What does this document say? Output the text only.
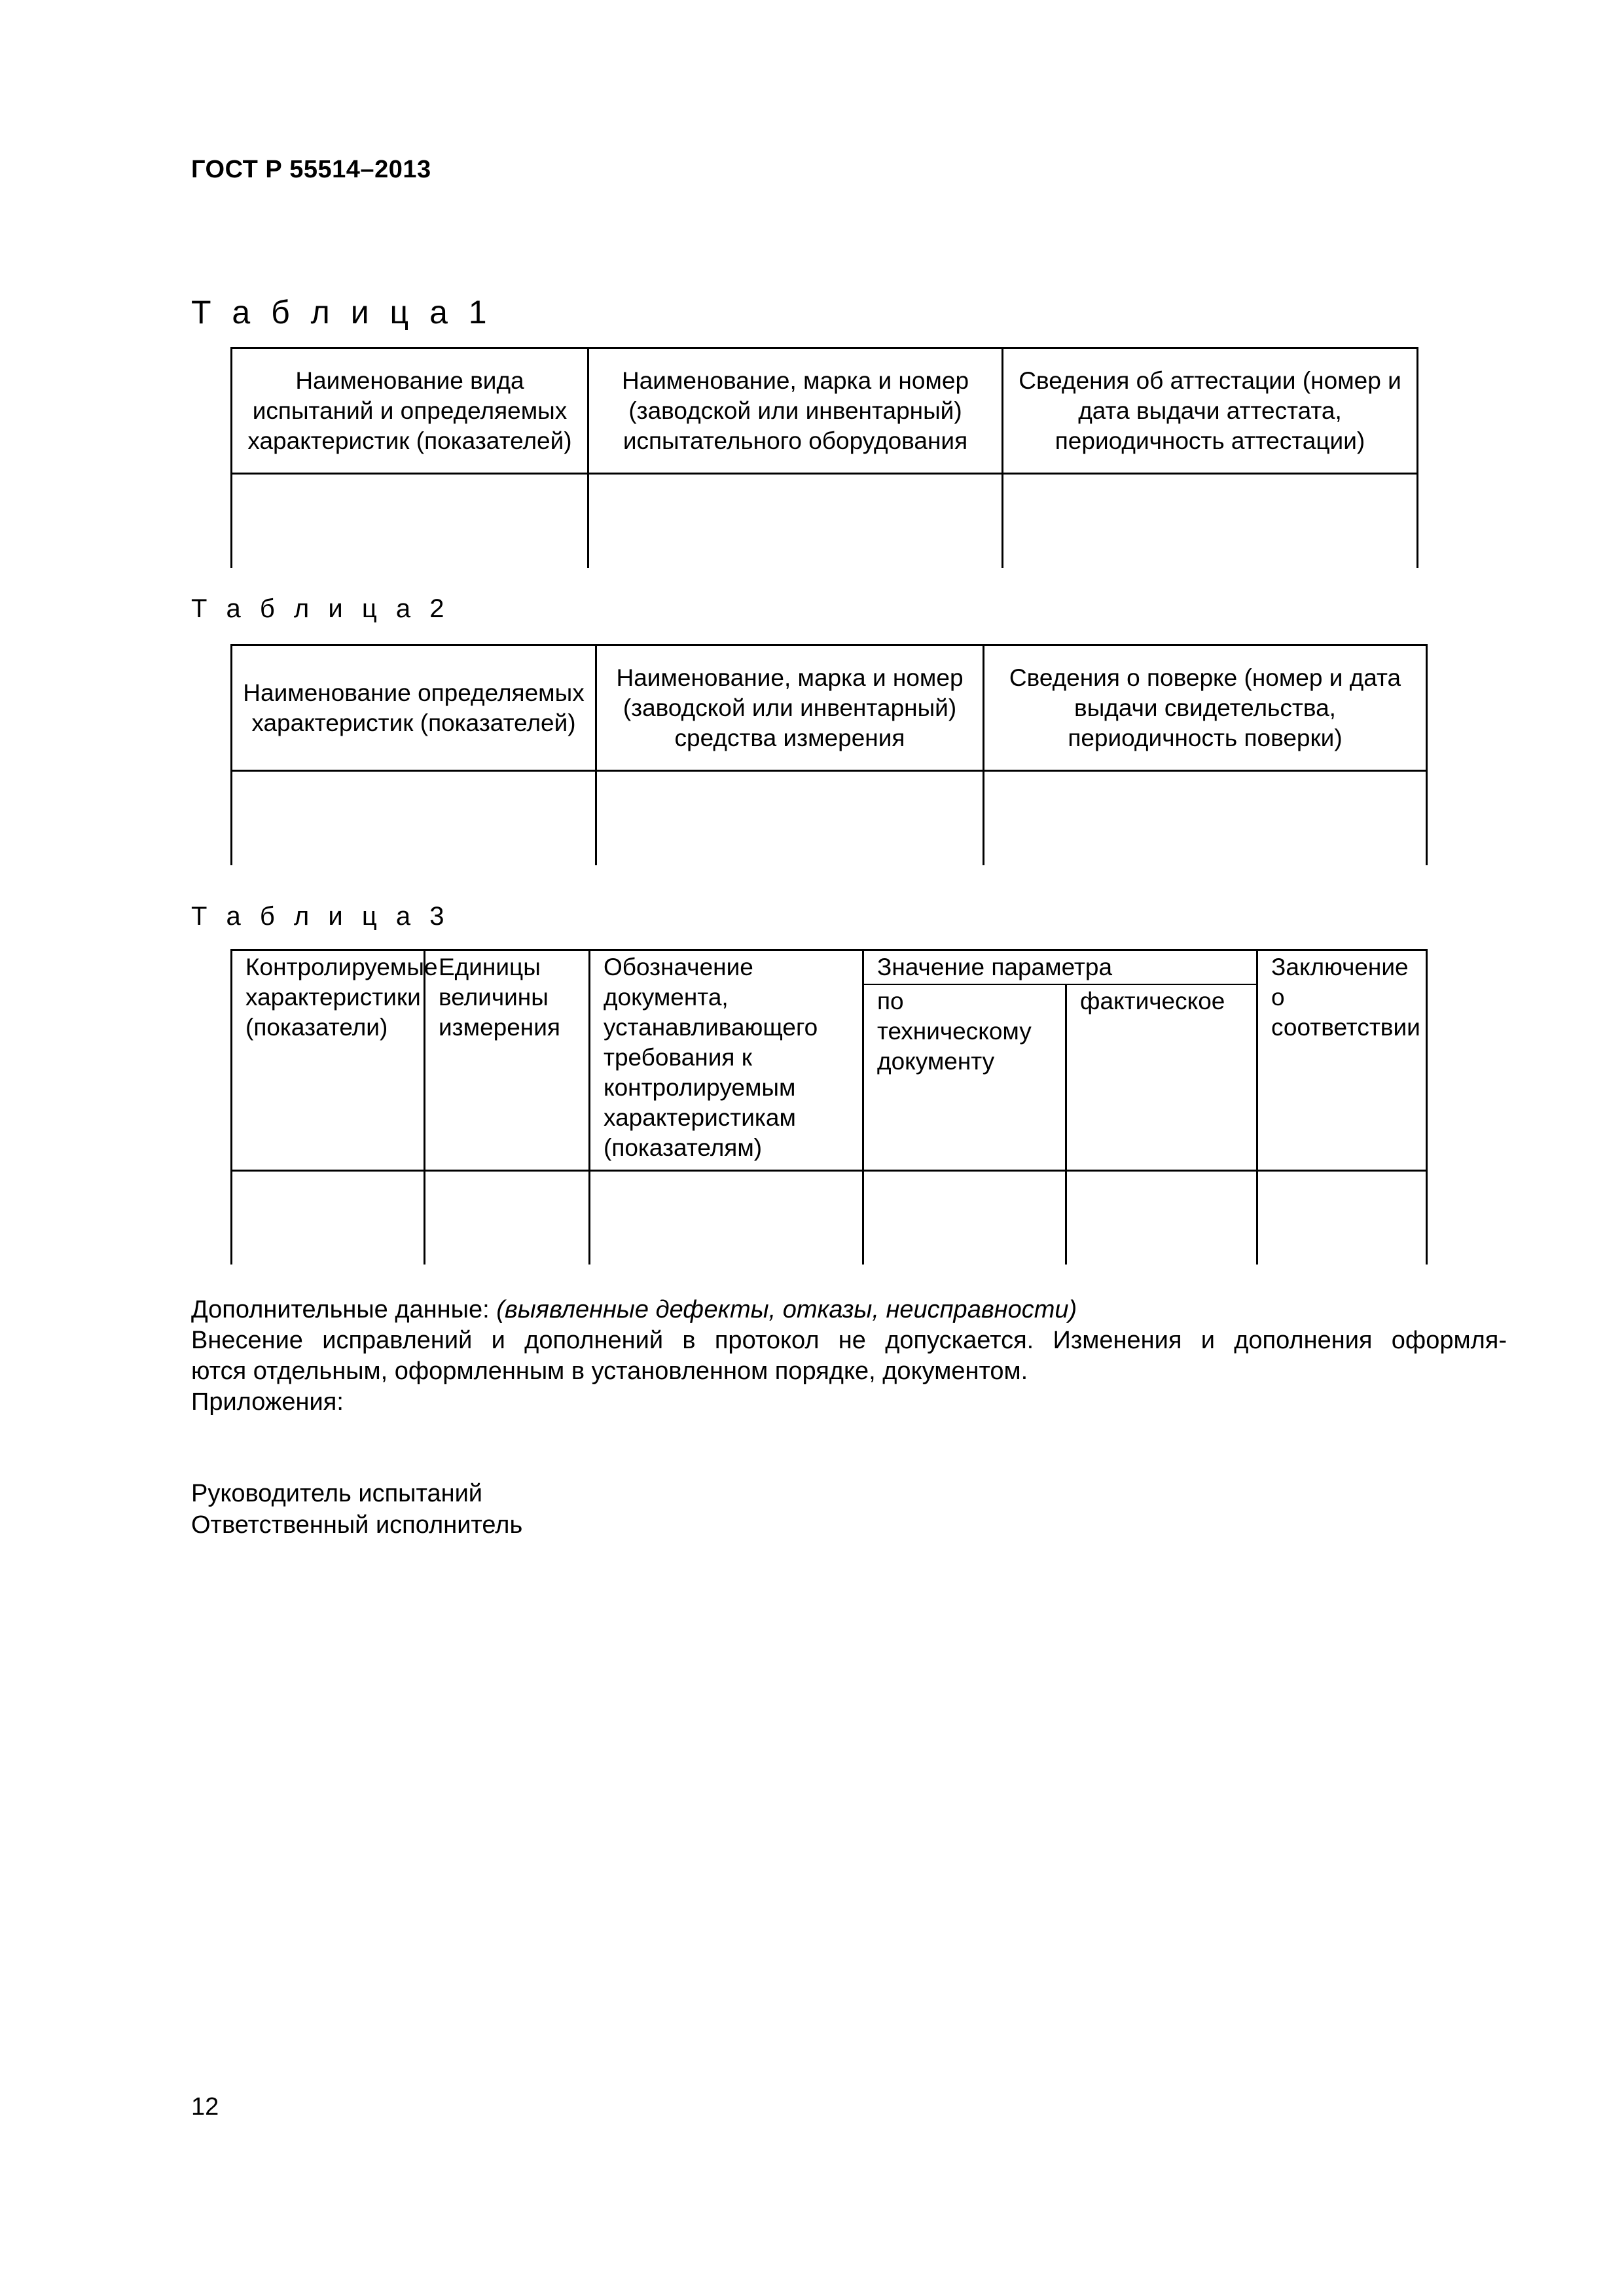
ГОСТ Р 55514–2013
Т а б л и ц а 1
Наименование вида испытаний и определяемых характеристик (показателей)	Наименование, марка и номер (заводской или инвентарный) испытательного оборудования	Сведения об аттестации (номер и дата выдачи аттестата, периодичность аттестации)

Т а б л и ц а 2
Наименование определяемых характеристик (показателей)	Наименование, марка и номер (заводской или инвентарный) средства измерения	Сведения о поверке (номер и дата выдачи свидетельства, периодичность поверки)

Т а б л и ц а 3
Контролируемые характеристики (показатели)	Единицы величины измерения	Обозначение документа, устанавливающего требования к контролируемым характеристикам (показателям)	Значение параметра		Заключение о соответствии
			по техническому документу	фактическое	

Дополнительные данные: (выявленные дефекты, отказы, неисправности)

Внесение исправлений и дополнений в протокол не допускается. Изменения и дополнения оформля-

ются отдельным, оформленным в установленном порядке, документом.

Приложения:

Руководитель испытаний

Ответственный исполнитель

12
